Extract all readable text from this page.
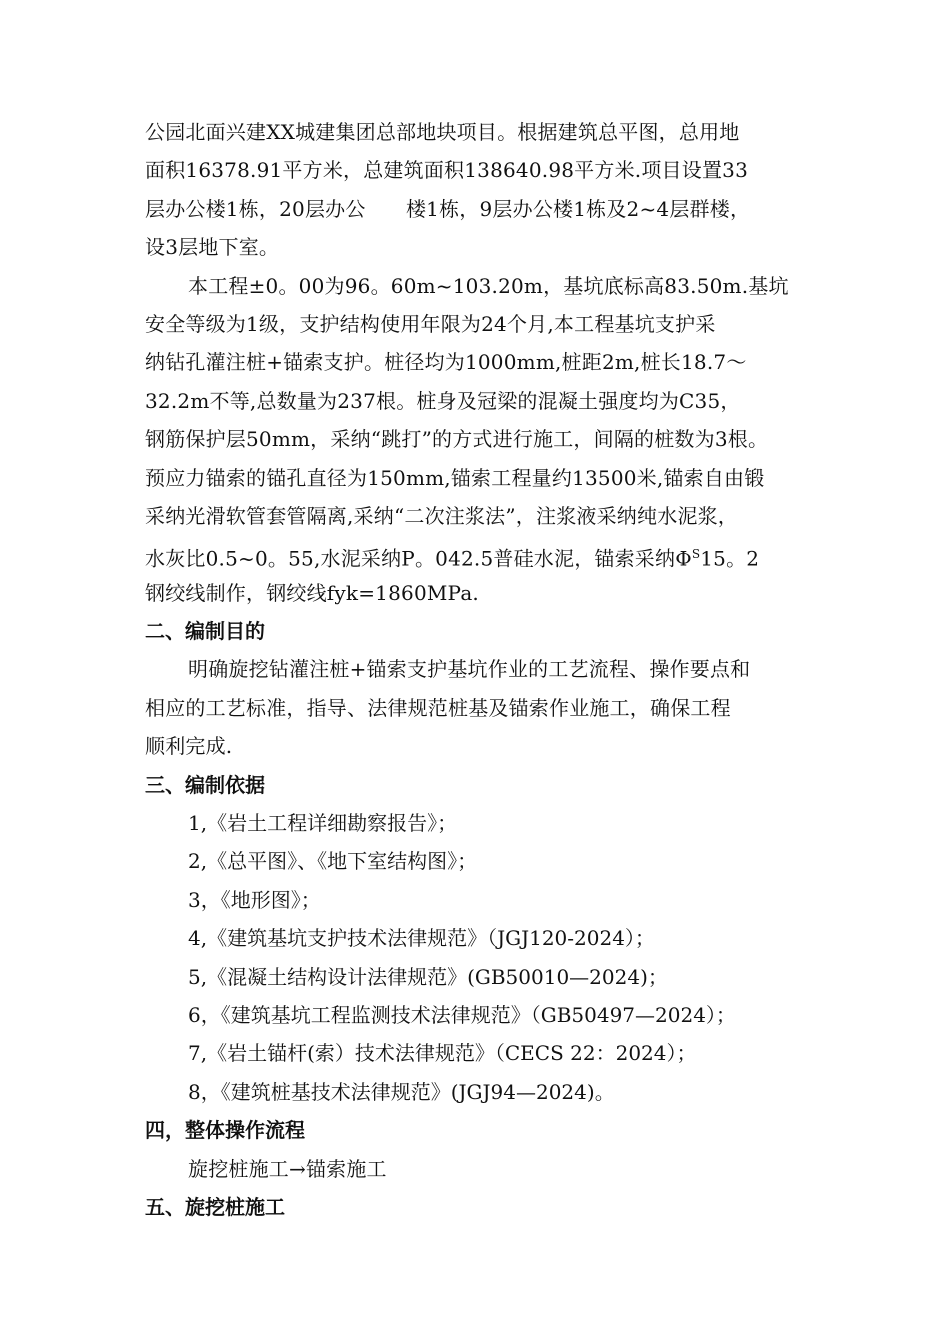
公园北面兴建XX城建集团总部地块项目。根据建筑总平图，总用地
面积16378.91平方米，总建筑面积138640.98平方米.项目设置33
层办公楼1栋，20层办公　　楼1栋，9层办公楼1栋及2~4层群楼，
设3层地下室。
本工程±0。00为96。60m~103.20m，基坑底标高83.50m.基坑
安全等级为1级，支护结构使用年限为24个月,本工程基坑支护采
纳钻孔灌注桩+锚索支护。桩径均为1000mm,桩距2m,桩长18.7～
32.2m不等,总数量为237根。桩身及冠梁的混凝土强度均为C35，
钢筋保护层50mm，采纳“跳打”的方式进行施工，间隔的桩数为3根。
预应力锚索的锚孔直径为150mm,锚索工程量约13500米,锚索自由锻
采纳光滑软管套管隔离,采纳“二次注浆法”，注浆液采纳纯水泥浆，
水灰比0.5~0。55,水泥采纳P。042.5普硅水泥，锚索采纳$\Phi^S15$。2
钢绞线制作，钢绞线fyk=1860MPa.
二、编制目的
明确旋挖钻灌注桩+锚索支护基坑作业的工艺流程、操作要点和
相应的工艺标准，指导、法律规范桩基及锚索作业施工，确保工程
顺利完成.
三、编制依据
1,《岩土工程详细勘察报告》；
2,《总平图》、《地下室结构图》；
3，《地形图》；
4,《建筑基坑支护技术法律规范》（JGJ120-2024）；
5,《混凝土结构设计法律规范》(GB50010—2024)；
6，《建筑基坑工程监测技术法律规范》（GB50497—2024）；
7,《岩土锚杆(索）技术法律规范》（CECS 22：2024）；
8，《建筑桩基技术法律规范》(JGJ94—2024)。
四，整体操作流程
旋挖桩施工→锚索施工
五、旋挖桩施工
